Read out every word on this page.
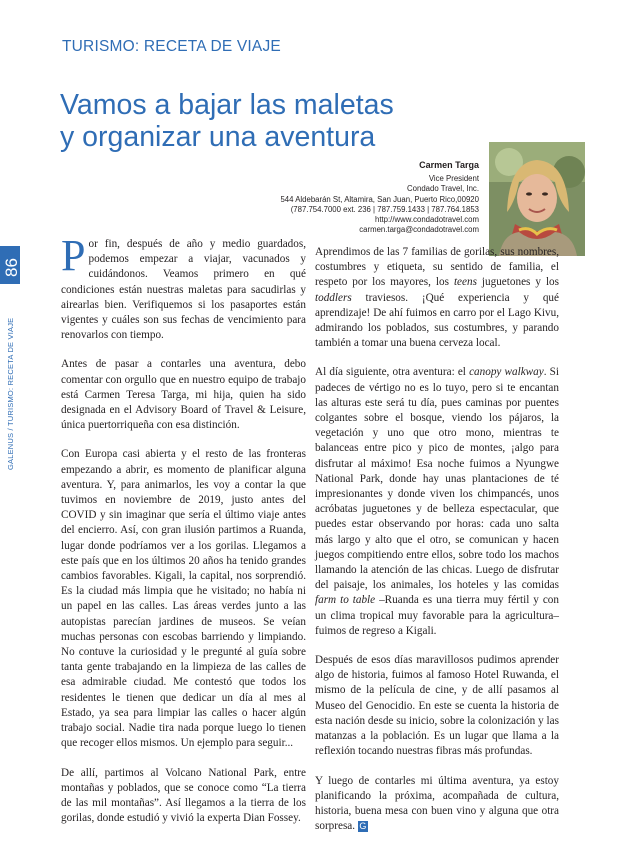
TURISMO: RECETA DE VIAJE
86
GALENUS / TURISMO: RECETA DE VIAJE
Vamos a bajar las maletas
y organizar una aventura
Carmen Targa
Vice President
Condado Travel, Inc.
544 Aldebarán St, Altamira, San Juan, Puerto Rico,00920
(787.754.7000 ext. 236 | 787.759.1433 | 787.764.1853
http://www.condadotravel.com
carmen.targa@condadotravel.com

Por fin, después de año y medio guardados, podemos empezar a viajar, vacunados y cuidándonos. Veamos primero en qué condiciones están nuestras maletas para sacudirlas y airearlas bien. Verifiquemos si los pasaportes están vigentes y cuáles son sus fechas de vencimiento para renovarlos con tiempo.

Antes de pasar a contarles una aventura, debo comentar con orgullo que en nuestro equipo de trabajo está Carmen Teresa Targa, mi hija, quien ha sido designada en el Advisory Board of Travel & Leisure, única puertorriqueña con esa distinción.

Con Europa casi abierta y el resto de las fronteras empezando a abrir, es momento de planificar alguna aventura. Y, para animarlos, les voy a contar la que tuvimos en noviembre de 2019, justo antes del COVID y sin imaginar que sería el último viaje antes del encierro. Así, con gran ilusión partimos a Ruanda, lugar donde podríamos ver a los gorilas. Llegamos a este país que en los últimos 20 años ha tenido grandes cambios favorables. Kigali, la capital, nos sorprendió. Es la ciudad más limpia que he visitado; no había ni un papel en las calles. Las áreas verdes junto a las autopistas parecían jardines de museos. Se veían muchas personas con escobas barriendo y limpiando. No contuve la curiosidad y le pregunté al guía sobre tanta gente trabajando en la limpieza de las calles de esa admirable ciudad. Me contestó que todos los residentes le tienen que dedicar un día al mes al Estado, ya sea para limpiar las calles o hacer algún trabajo social. Nadie tira nada porque luego lo tienen que recoger ellos mismos. Un ejemplo para seguir...

De allí, partimos al Volcano National Park, entre montañas y poblados, que se conoce como “La tierra de las mil montañas”. Así llegamos a la tierra de los gorilas, donde estudió y vivió la experta Dian Fossey.

Aprendimos de las 7 familias de gorilas, sus nombres, costumbres y etiqueta, su sentido de familia, el respeto por los mayores, los teens juguetones y los toddlers traviesos. ¡Qué experiencia y qué aprendizaje! De ahí fuimos en carro por el Lago Kivu, admirando los poblados, sus costumbres, y parando también a tomar una buena cerveza local.

Al día siguiente, otra aventura: el canopy walkway. Si padeces de vértigo no es lo tuyo, pero si te encantan las alturas este será tu día, pues caminas por puentes colgantes sobre el bosque, viendo los pájaros, la vegetación y uno que otro mono, mientras te balanceas entre pico y pico de montes, ¡algo para disfrutar al máximo! Esa noche fuimos a Nyungwe National Park, donde hay unas plantaciones de té impresionantes y donde viven los chimpancés, unos acróbatas juguetones y de belleza espectacular, que puedes estar observando por horas: cada uno salta más largo y alto que el otro, se comunican y hacen juegos compitiendo entre ellos, sobre todo los machos llamando la atención de las chicas. Luego de disfrutar del paisaje, los animales, los hoteles y las comidas farm to table –Ruanda es una tierra muy fértil y con un clima tropical muy favorable para la agricultura– fuimos de regreso a Kigali.

Después de esos días maravillosos pudimos aprender algo de historia, fuimos al famoso Hotel Ruwanda, el mismo de la película de cine, y de allí pasamos al Museo del Genocidio. En este se cuenta la historia de esta nación desde su inicio, sobre la colonización y las matanzas a la población. Es un lugar que llama a la reflexión tocando nuestras fibras más profundas.

Y luego de contarles mi última aventura, ya estoy planificando la próxima, acompañada de cultura, historia, buena mesa con buen vino y alguna que otra sorpresa. G
